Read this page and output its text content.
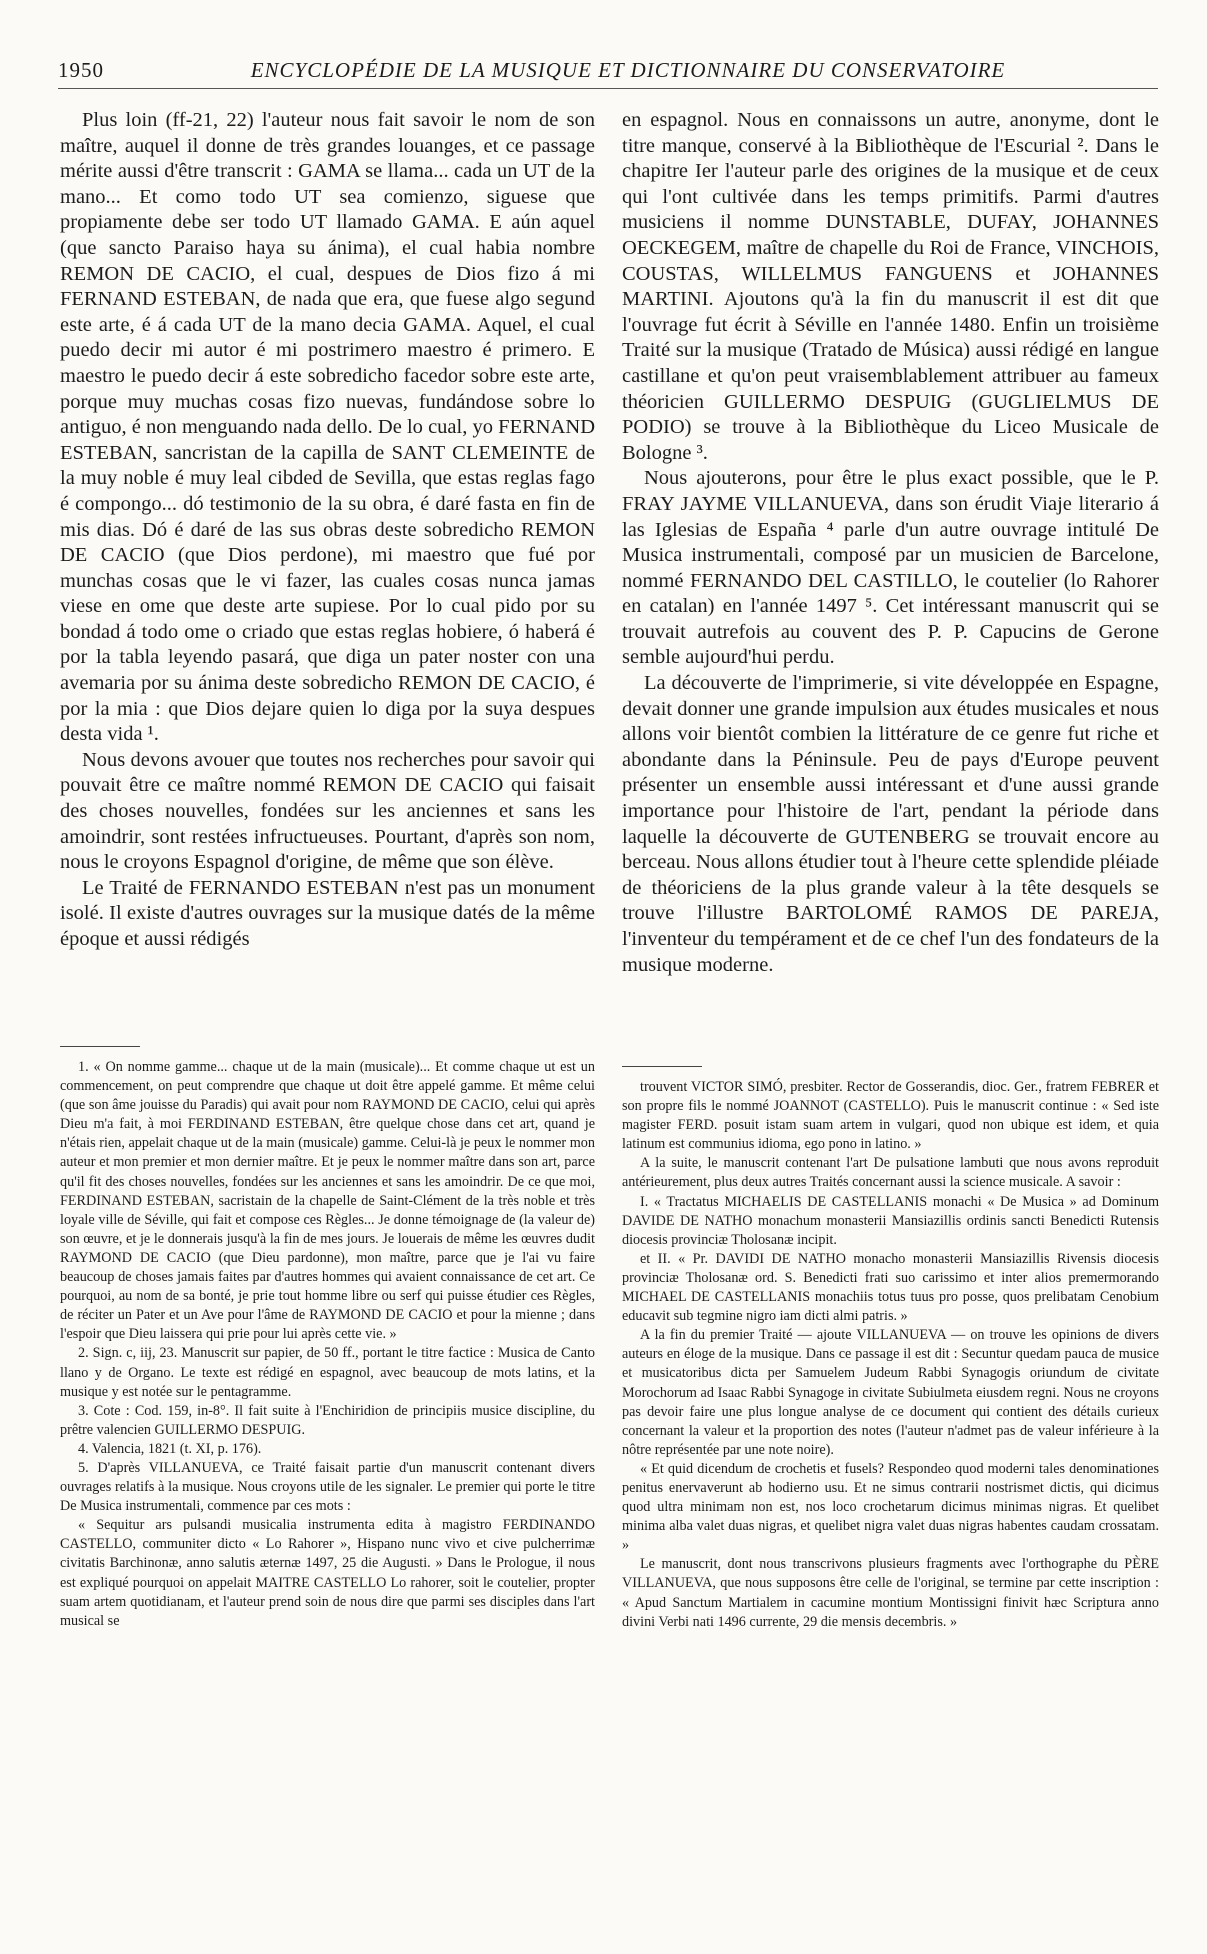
1950	ENCYCLOPÉDIE DE LA MUSIQUE ET DICTIONNAIRE DU CONSERVATOIRE

Plus loin (ff-21, 22) l'auteur nous fait savoir le nom de son maître, auquel il donne de très grandes louanges, et ce passage mérite aussi d'être transcrit : GAMA se llama... cada un UT de la mano... Et como todo UT sea comienzo, siguese que propiamente debe ser todo UT llamado GAMA. E aún aquel (que sancto Paraiso haya su ánima), el cual habia nombre REMON DE CACIO, el cual, despues de Dios fizo á mi FERNAND ESTEBAN, de nada que era, que fuese algo segund este arte, é á cada UT de la mano decia GAMA. Aquel, el cual puedo decir mi autor é mi postrimero maestro é primero. E maestro le puedo decir á este sobredicho facedor sobre este arte, porque muy muchas cosas fizo nuevas, fundándose sobre lo antiguo, é non menguando nada dello. De lo cual, yo FERNAND ESTEBAN, sancristan de la capilla de SANT CLEMEINTE de la muy noble é muy leal cibded de Sevilla, que estas reglas fago é compongo... dó testimonio de la su obra, é daré fasta en fin de mis dias. Dó é daré de las sus obras deste sobredicho REMON DE CACIO (que Dios perdone), mi maestro que fué por munchas cosas que le vi fazer, las cuales cosas nunca jamas viese en ome que deste arte supiese. Por lo cual pido por su bondad á todo ome o criado que estas reglas hobiere, ó haberá é por la tabla leyendo pasará, que diga un pater noster con una avemaria por su ánima deste sobredicho REMON DE CACIO, é por la mia : que Dios dejare quien lo diga por la suya despues desta vida ¹.

Nous devons avouer que toutes nos recherches pour savoir qui pouvait être ce maître nommé REMON DE CACIO qui faisait des choses nouvelles, fondées sur les anciennes et sans les amoindrir, sont restées infructueuses. Pourtant, d'après son nom, nous le croyons Espagnol d'origine, de même que son élève.

Le Traité de FERNANDO ESTEBAN n'est pas un monument isolé. Il existe d'autres ouvrages sur la musique datés de la même époque et aussi rédigés

en espagnol. Nous en connaissons un autre, anonyme, dont le titre manque, conservé à la Bibliothèque de l'Escurial ². Dans le chapitre Ier l'auteur parle des origines de la musique et de ceux qui l'ont cultivée dans les temps primitifs. Parmi d'autres musiciens il nomme DUNSTABLE, DUFAY, JOHANNES OECKEGEM, maître de chapelle du Roi de France, VINCHOIS, COUSTAS, WILLELMUS FANGUENS et JOHANNES MARTINI. Ajoutons qu'à la fin du manuscrit il est dit que l'ouvrage fut écrit à Séville en l'année 1480. Enfin un troisième Traité sur la musique (Tratado de Música) aussi rédigé en langue castillane et qu'on peut vraisemblablement attribuer au fameux théoricien GUILLERMO DESPUIG (GUGLIELMUS DE PODIO) se trouve à la Bibliothèque du Liceo Musicale de Bologne ³.

Nous ajouterons, pour être le plus exact possible, que le P. FRAY JAYME VILLANUEVA, dans son érudit Viaje literario á las Iglesias de España ⁴ parle d'un autre ouvrage intitulé De Musica instrumentali, composé par un musicien de Barcelone, nommé FERNANDO DEL CASTILLO, le coutelier (lo Rahorer en catalan) en l'année 1497 ⁵. Cet intéressant manuscrit qui se trouvait autrefois au couvent des P. P. Capucins de Gerone semble aujourd'hui perdu.

La découverte de l'imprimerie, si vite développée en Espagne, devait donner une grande impulsion aux études musicales et nous allons voir bientôt combien la littérature de ce genre fut riche et abondante dans la Péninsule. Peu de pays d'Europe peuvent présenter un ensemble aussi intéressant et d'une aussi grande importance pour l'histoire de l'art, pendant la période dans laquelle la découverte de GUTENBERG se trouvait encore au berceau. Nous allons étudier tout à l'heure cette splendide pléiade de théoriciens de la plus grande valeur à la tête desquels se trouve l'illustre BARTOLOMÉ RAMOS DE PAREJA, l'inventeur du tempérament et de ce chef l'un des fondateurs de la musique moderne.

1. « On nomme gamme... chaque ut de la main (musicale)... Et comme chaque ut est un commencement, on peut comprendre que chaque ut doit être appelé gamme. Et même celui (que son âme jouisse du Paradis) qui avait pour nom RAYMOND DE CACIO, celui qui après Dieu m'a fait, à moi FERDINAND ESTEBAN, être quelque chose dans cet art, quand je n'étais rien, appelait chaque ut de la main (musicale) gamme. Celui-là je peux le nommer mon auteur et mon premier et mon dernier maître. Et je peux le nommer maître dans son art, parce qu'il fit des choses nouvelles, fondées sur les anciennes et sans les amoindrir. De ce que moi, FERDINAND ESTEBAN, sacristain de la chapelle de Saint-Clément de la très noble et très loyale ville de Séville, qui fait et compose ces Règles... Je donne témoignage de (la valeur de) son œuvre, et je le donnerais jusqu'à la fin de mes jours. Je louerais de même les œuvres dudit RAYMOND DE CACIO (que Dieu pardonne), mon maître, parce que je l'ai vu faire beaucoup de choses jamais faites par d'autres hommes qui avaient connaissance de cet art. Ce pourquoi, au nom de sa bonté, je prie tout homme libre ou serf qui puisse étudier ces Règles, de réciter un Pater et un Ave pour l'âme de RAYMOND DE CACIO et pour la mienne ; dans l'espoir que Dieu laissera qui prie pour lui après cette vie. »

2. Sign. c, iij, 23. Manuscrit sur papier, de 50 ff., portant le titre factice : Musica de Canto llano y de Organo. Le texte est rédigé en espagnol, avec beaucoup de mots latins, et la musique y est notée sur le pentagramme.

3. Cote : Cod. 159, in-8°. Il fait suite à l'Enchiridion de principiis musice discipline, du prêtre valencien GUILLERMO DESPUIG.

4. Valencia, 1821 (t. XI, p. 176).

5. D'après VILLANUEVA, ce Traité faisait partie d'un manuscrit contenant divers ouvrages relatifs à la musique. Nous croyons utile de les signaler. Le premier qui porte le titre De Musica instrumentali, commence par ces mots :

« Sequitur ars pulsandi musicalia instrumenta edita à magistro FERDINANDO CASTELLO, communiter dicto « Lo Rahorer », Hispano nunc vivo et cive pulcherrimæ civitatis Barchinonæ, anno salutis æternæ 1497, 25 die Augusti. » Dans le Prologue, il nous est expliqué pourquoi on appelait MAITRE CASTELLO Lo rahorer, soit le coutelier, propter suam artem quotidianam, et l'auteur prend soin de nous dire que parmi ses disciples dans l'art musical se

trouvent VICTOR SIMÓ, presbiter. Rector de Gosserandis, dioc. Ger., fratrem FEBRER et son propre fils le nommé JOANNOT (CASTELLO). Puis le manuscrit continue : « Sed iste magister FERD. posuit istam suam artem in vulgari, quod non ubique est idem, et quia latinum est communius idioma, ego pono in latino. »

A la suite, le manuscrit contenant l'art De pulsatione lambuti que nous avons reproduit antérieurement, plus deux autres Traités concernant aussi la science musicale. A savoir :

I. « Tractatus MICHAELIS DE CASTELLANIS monachi « De Musica » ad Dominum DAVIDE DE NATHO monachum monasterii Mansiazillis ordinis sancti Benedicti Rutensis diocesis provinciæ Tholosanæ incipit.

et II. « Pr. DAVIDI DE NATHO monacho monasterii Mansiazillis Rivensis diocesis provinciæ Tholosanæ ord. S. Benedicti frati suo carissimo et inter alios premermorando MICHAEL DE CASTELLANIS monachiis totus tuus pro posse, quos prelibatam Cenobium educavit sub tegmine nigro iam dicti almi patris. »

A la fin du premier Traité — ajoute VILLANUEVA — on trouve les opinions de divers auteurs en éloge de la musique. Dans ce passage il est dit : Secuntur quedam pauca de musice et musicatoribus dicta per Samuelem Judeum Rabbi Synagogis oriundum de civitate Morochorum ad Isaac Rabbi Synagoge in civitate Subiulmeta eiusdem regni. Nous ne croyons pas devoir faire une plus longue analyse de ce document qui contient des détails curieux concernant la valeur et la proportion des notes (l'auteur n'admet pas de valeur inférieure à la nôtre représentée par une note noire).

« Et quid dicendum de crochetis et fusels? Respondeo quod moderni tales denominationes penitus enervaverunt ab hodierno usu. Et ne simus contrarii nostrismet dictis, qui dicimus quod ultra minimam non est, nos loco crochetarum dicimus minimas nigras. Et quelibet minima alba valet duas nigras, et quelibet nigra valet duas nigras habentes caudam crossatam. »

Le manuscrit, dont nous transcrivons plusieurs fragments avec l'orthographe du PÈRE VILLANUEVA, que nous supposons être celle de l'original, se termine par cette inscription : « Apud Sanctum Martialem in cacumine montium Montissigni finivit hæc Scriptura anno divini Verbi nati 1496 currente, 29 die mensis decembris. »
